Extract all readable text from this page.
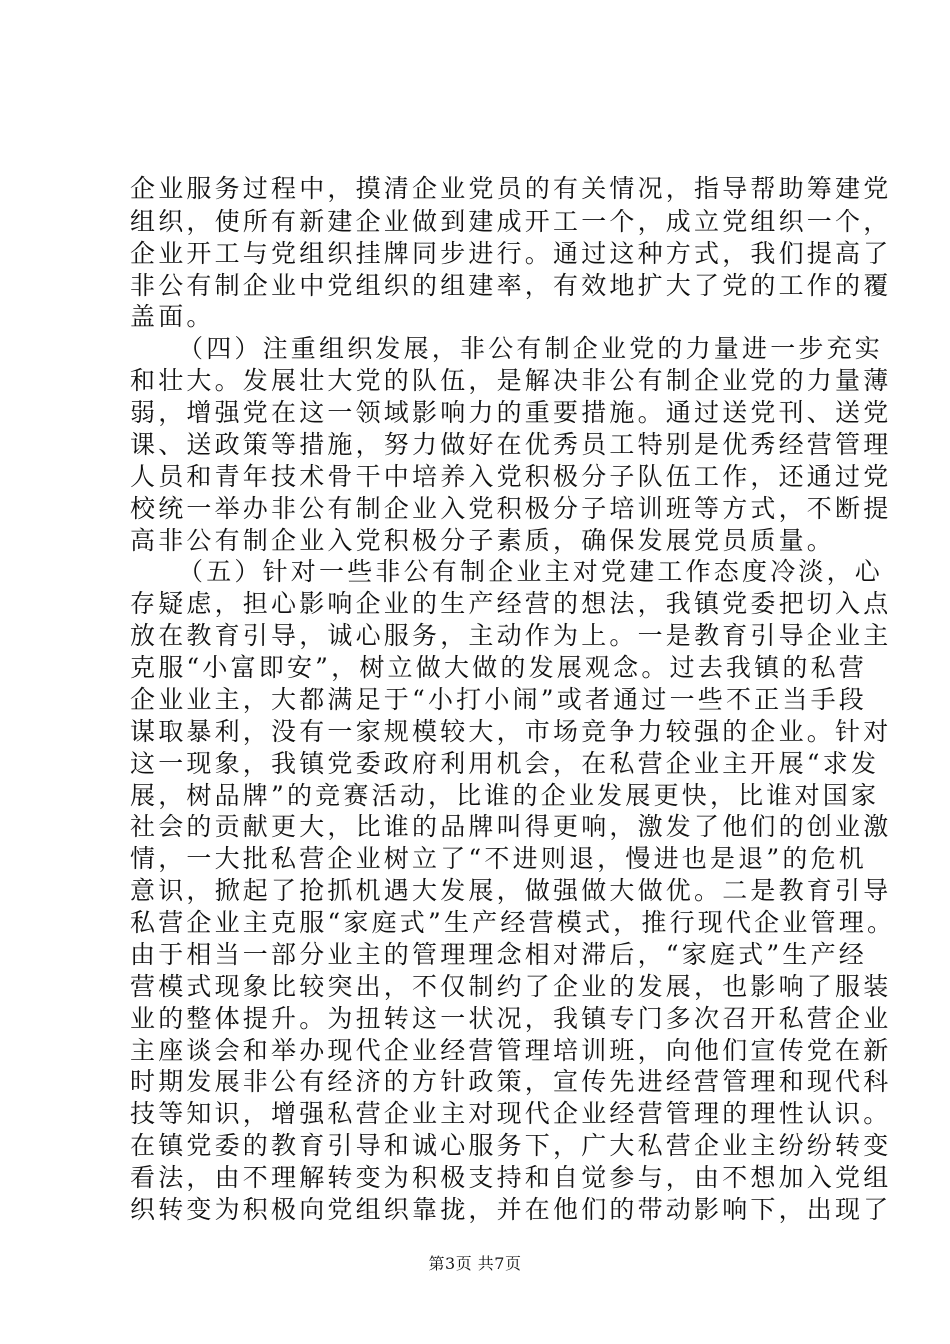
企业服务过程中，摸清企业党员的有关情况，指导帮助筹建党
组织，使所有新建企业做到建成开工一个，成立党组织一个，
企业开工与党组织挂牌同步进行。通过这种方式，我们提高了
非公有制企业中党组织的组建率，有效地扩大了党的工作的覆
盖面。
（四）注重组织发展，非公有制企业党的力量进一步充实
和壮大。发展壮大党的队伍，是解决非公有制企业党的力量薄
弱，增强党在这一领域影响力的重要措施。通过送党刊、送党
课、送政策等措施，努力做好在优秀员工特别是优秀经营管理
人员和青年技术骨干中培养入党积极分子队伍工作，还通过党
校统一举办非公有制企业入党积极分子培训班等方式，不断提
高非公有制企业入党积极分子素质，确保发展党员质量。
（五）针对一些非公有制企业主对党建工作态度冷淡，心
存疑虑，担心影响企业的生产经营的想法，我镇党委把切入点
放在教育引导，诚心服务，主动作为上。一是教育引导企业主
克服“小富即安”，树立做大做的发展观念。过去我镇的私营
企业业主，大都满足于“小打小闹”或者通过一些不正当手段
谋取暴利，没有一家规模较大，市场竞争力较强的企业。针对
这一现象，我镇党委政府利用机会，在私营企业主开展“求发
展，树品牌”的竞赛活动，比谁的企业发展更快，比谁对国家
社会的贡献更大，比谁的品牌叫得更响，激发了他们的创业激
情，一大批私营企业树立了“不进则退，慢进也是退”的危机
意识，掀起了抢抓机遇大发展，做强做大做优。二是教育引导
私营企业主克服“家庭式”生产经营模式，推行现代企业管理。
由于相当一部分业主的管理理念相对滞后，“家庭式”生产经
营模式现象比较突出，不仅制约了企业的发展，也影响了服装
业的整体提升。为扭转这一状况，我镇专门多次召开私营企业
主座谈会和举办现代企业经营管理培训班，向他们宣传党在新
时期发展非公有经济的方针政策，宣传先进经营管理和现代科
技等知识，增强私营企业主对现代企业经营管理的理性认识。
在镇党委的教育引导和诚心服务下，广大私营企业主纷纷转变
看法，由不理解转变为积极支持和自觉参与，由不想加入党组
织转变为积极向党组织靠拢，并在他们的带动影响下，出现了
第3页 共7页
